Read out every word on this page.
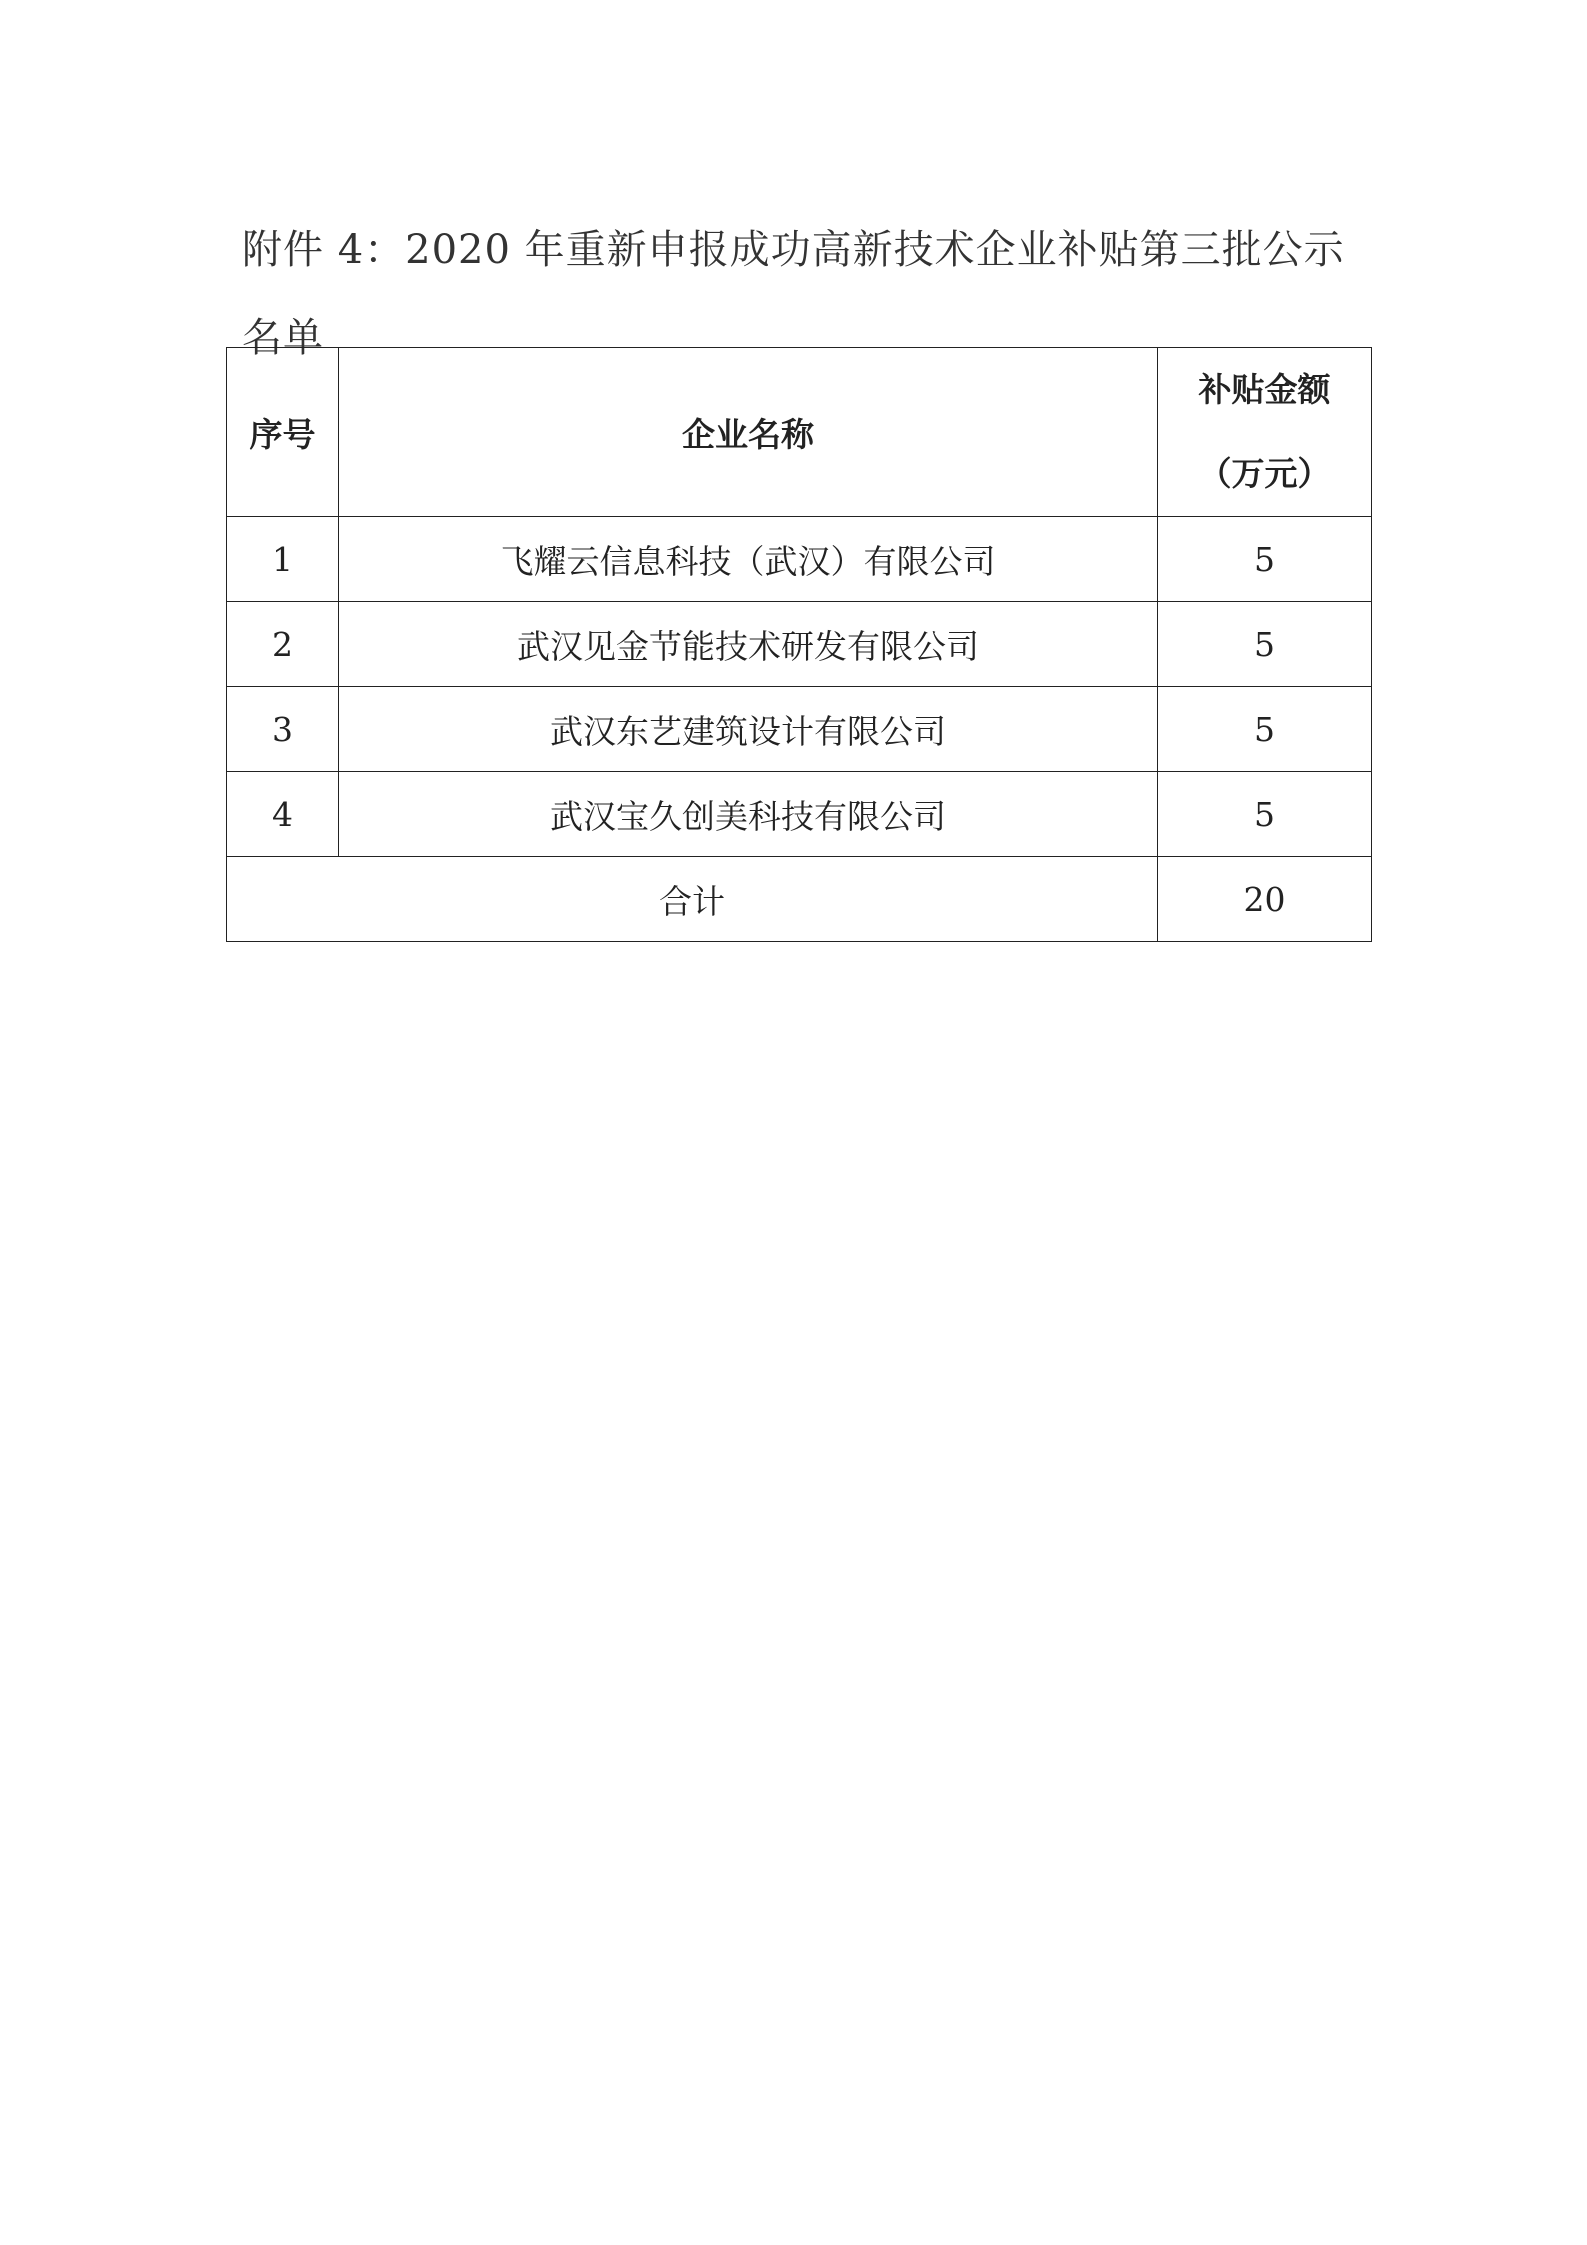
附件 4：2020 年重新申报成功高新技术企业补贴第三批公示名单
序号	企业名称	补贴金额
（万元）

1	飞耀云信息科技（武汉）有限公司	5
2	武汉见金节能技术研发有限公司	5
3	武汉东艺建筑设计有限公司	5
4	武汉宝久创美科技有限公司	5
合计		20
